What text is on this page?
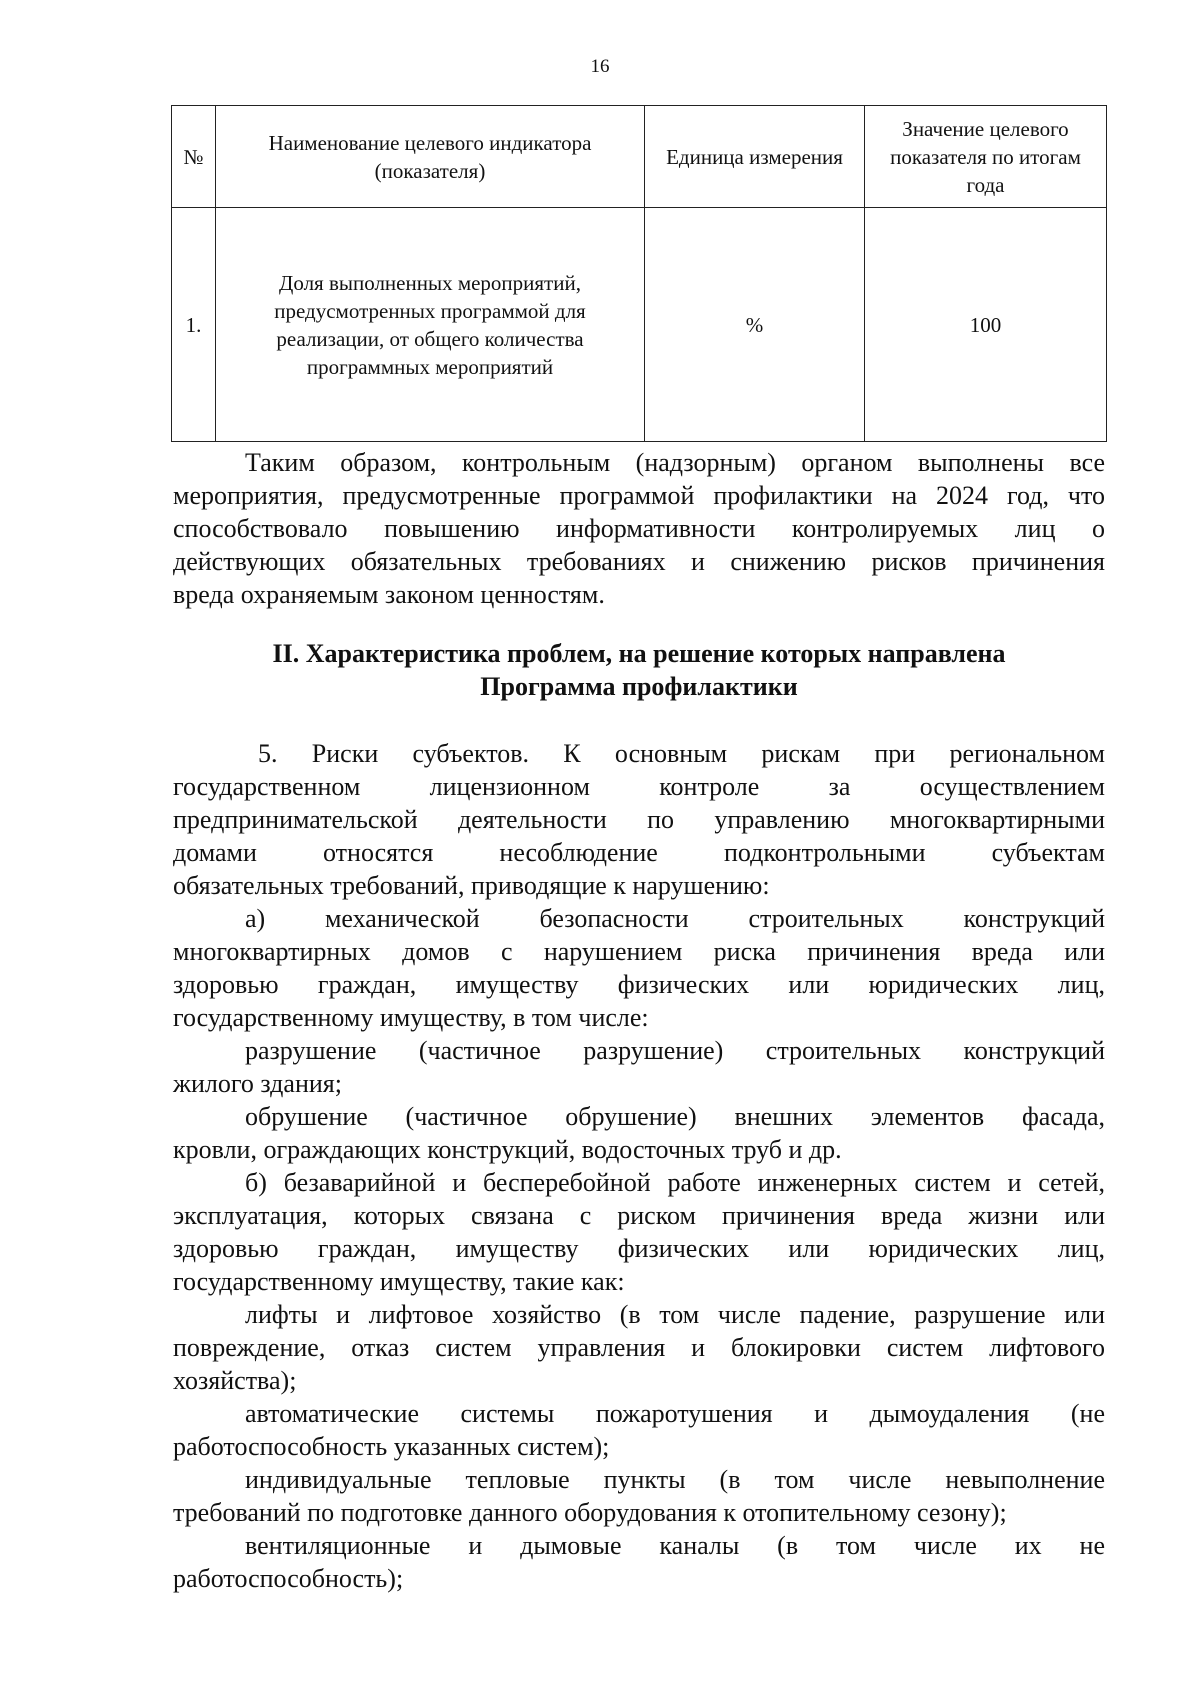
16
№	Наименование целевого индикатора (показателя)	Единица измерения	Значение целевого показателя по итогам года
1.	Доля выполненных мероприятий, предусмотренных программой для реализации, от общего количества программных мероприятий	%	100

Таким образом, контрольным (надзорным) органом выполнены все

мероприятия, предусмотренные программой профилактики на 2024 год, что

способствовало повышению информативности контролируемых лиц о

действующих обязательных требованиях и снижению рисков причинения

вреда охраняемым законом ценностям.

II. Характеристика проблем, на решение которых направлена
Программа профилактики

5. Риски субъектов. К основным рискам при региональном

государственном лицензионном контроле за осуществлением

предпринимательской деятельности по управлению многоквартирными

домами относятся несоблюдение подконтрольными субъектам

обязательных требований, приводящие к нарушению:

а) механической безопасности строительных конструкций

многоквартирных домов с нарушением риска причинения вреда или

здоровью граждан, имуществу физических или юридических лиц,

государственному имуществу, в том числе:

разрушение (частичное разрушение) строительных конструкций

жилого здания;

обрушение (частичное обрушение) внешних элементов фасада,

кровли, ограждающих конструкций, водосточных труб и др.

б) безаварийной и бесперебойной работе инженерных систем и сетей,

эксплуатация, которых связана с риском причинения вреда жизни или

здоровью граждан, имуществу физических или юридических лиц,

государственному имуществу, такие как:

лифты и лифтовое хозяйство (в том числе падение, разрушение или

повреждение, отказ систем управления и блокировки систем лифтового

хозяйства);

автоматические системы пожаротушения и дымоудаления (не

работоспособность указанных систем);

индивидуальные тепловые пункты (в том числе невыполнение

требований по подготовке данного оборудования к отопительному сезону);

вентиляционные и дымовые каналы (в том числе их не

работоспособность);
